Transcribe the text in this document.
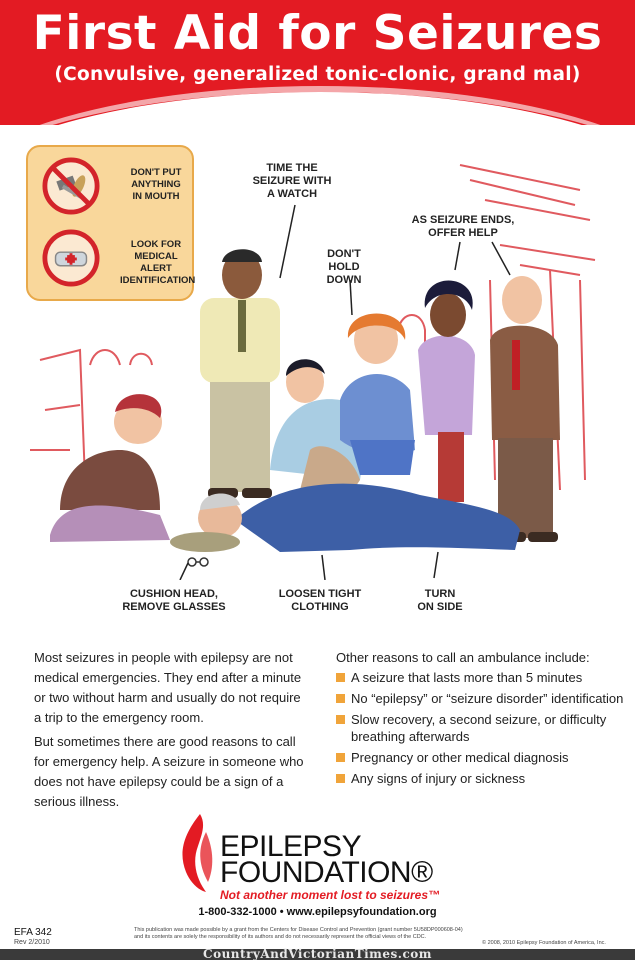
First Aid for Seizures
(Convulsive, generalized tonic-clonic, grand mal)
DON'T PUT
ANYTHING
IN MOUTH
LOOK FOR
MEDICAL ALERT
IDENTIFICATION
TIME THE
SEIZURE WITH
A WATCH
DON'T
HOLD
DOWN
AS SEIZURE ENDS,
OFFER HELP
CUSHION HEAD,
REMOVE GLASSES
LOOSEN TIGHT
CLOTHING
TURN
ON SIDE
Most seizures in people with epilepsy are not medical emergencies. They end after a minute or two without harm and usually do not require a trip to the emergency room.
But sometimes there are good reasons to call for emergency help. A seizure in someone who does not have epilepsy could be a sign of a serious illness.
Other reasons to call an ambulance include:
A seizure that lasts more than 5 minutes
No “epilepsy” or “seizure disorder” identification
Slow recovery, a second seizure, or difficulty breathing afterwards
Pregnancy or other medical diagnosis
Any signs of injury or sickness
EPILEPSY
FOUNDATION®
Not another moment lost to seizures™
1-800-332-1000 • www.epilepsyfoundation.org
EFA 342
Rev 2/2010
This publication was made possible by a grant from the Centers for Disease Control and Prevention (grant number 5U58DP000608-04)
and its contents are solely the responsibility of its authors and do not necessarily represent the official views of the CDC.
© 2008, 2010 Epilepsy Foundation of America, Inc.
CountryAndVictorianTimes.com
